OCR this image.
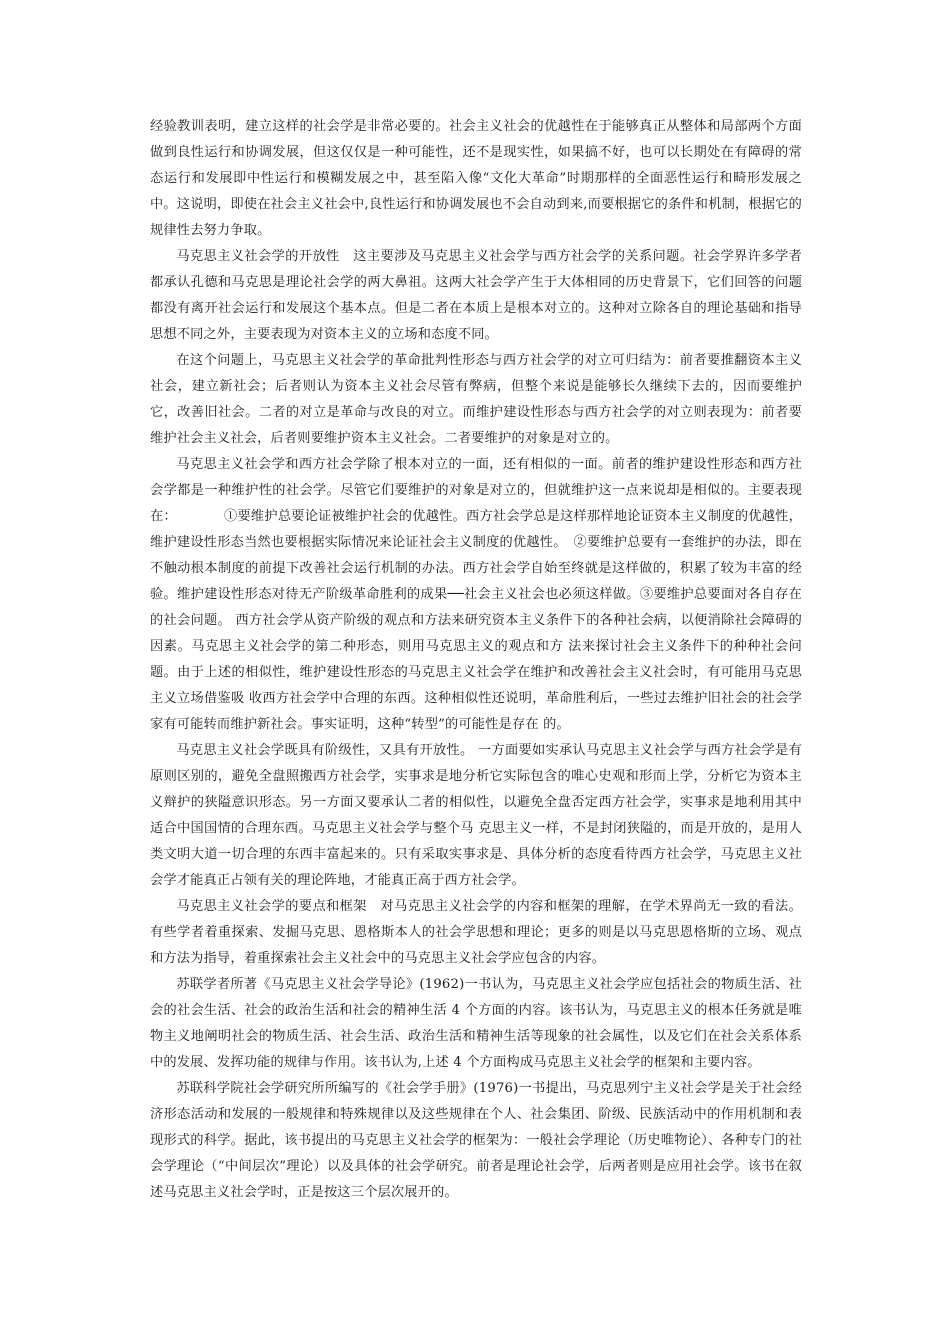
经验教训表明，建立这样的社会学是非常必要的。社会主义社会的优越性在于能够真正从整体和局部两个方面做到良性运行和协调发展，但这仅仅是一种可能性，还不是现实性，如果搞不好，也可以长期处在有障碍的常态运行和发展即中性运行和模糊发展之中，甚至陷入像“文化大革命”时期那样的全面恶性运行和畸形发展之中。这说明，即使在社会主义社会中,良性运行和协调发展也不会自动到来,而要根据它的条件和机制，根据它的规律性去努力争取。

马克思主义社会学的开放性　这主要涉及马克思主义社会学与西方社会学的关系问题。社会学界许多学者都承认孔德和马克思是理论社会学的两大鼻祖。这两大社会学产生于大体相同的历史背景下，它们回答的问题都没有离开社会运行和发展这个基本点。但是二者在本质上是根本对立的。这种对立除各自的理论基础和指导思想不同之外，主要表现为对资本主义的立场和态度不同。

在这个问题上，马克思主义社会学的革命批判性形态与西方社会学的对立可归结为：前者要推翻资本主义社会，建立新社会；后者则认为资本主义社会尽管有弊病，但整个来说是能够长久继续下去的，因而要维护它，改善旧社会。二者的对立是革命与改良的对立。而维护建设性形态与西方社会学的对立则表现为：前者要维护社会主义社会，后者则要维护资本主义社会。二者要维护的对象是对立的。

马克思主义社会学和西方社会学除了根本对立的一面，还有相似的一面。前者的维护建设性形态和西方社会学都是一种维护性的社会学。尽管它们要维护的对象是对立的，但就维护这一点来说却是相似的。主要表现在：　　　　①要维护总要论证被维护社会的优越性。西方社会学总是这样那样地论证资本主义制度的优越性，维护建设性形态当然也要根据实际情况来论证社会主义制度的优越性。　②要维护总要有一套维护的办法，即在不触动根本制度的前提下改善社会运行机制的办法。西方社会学自始至终就是这样做的，积累了较为丰富的经验。维护建设性形态对待无产阶级革命胜利的成果──社会主义社会也必须这样做。③要维护总要面对各自存在的社会问题。 西方社会学从资产阶级的观点和方法来研究资本主义条件下的各种社会病，以便消除社会障碍的因素。马克思主义社会学的第二种形态，则用马克思主义的观点和方 法来探讨社会主义条件下的种种社会问题。由于上述的相似性，维护建设性形态的马克思主义社会学在维护和改善社会主义社会时，有可能用马克思主义立场借鉴吸 收西方社会学中合理的东西。这种相似性还说明，革命胜利后，一些过去维护旧社会的社会学家有可能转而维护新社会。事实证明，这种“转型”的可能性是存在 的。

马克思主义社会学既具有阶级性，又具有开放性。 一方面要如实承认马克思主义社会学与西方社会学是有原则区别的，避免全盘照搬西方社会学，实事求是地分析它实际包含的唯心史观和形而上学，分析它为资本主 义辩护的狭隘意识形态。另一方面又要承认二者的相似性，以避免全盘否定西方社会学，实事求是地利用其中适合中国国情的合理东西。马克思主义社会学与整个马 克思主义一样，不是封闭狭隘的，而是开放的，是用人类文明大道一切合理的东西丰富起来的。只有采取实事求是、具体分析的态度看待西方社会学，马克思主义社 会学才能真正占领有关的理论阵地，才能真正高于西方社会学。

马克思主义社会学的要点和框架　对马克思主义社会学的内容和框架的理解，在学术界尚无一致的看法。有些学者着重探索、发掘马克思、恩格斯本人的社会学思想和理论；更多的则是以马克思恩格斯的立场、观点和方法为指导，着重探索社会主义社会中的马克思主义社会学应包含的内容。

苏联学者所著《马克思主义社会学导论》(1962)一书认为，马克思主义社会学应包括社会的物质生活、社会的社会生活、社会的政治生活和社会的精神生活 4 个方面的内容。该书认为，马克思主义的根本任务就是唯物主义地阐明社会的物质生活、社会生活、政治生活和精神生活等现象的社会属性，以及它们在社会关系体系中的发展、发挥功能的规律与作用。该书认为,上述 4 个方面构成马克思主义社会学的框架和主要内容。

苏联科学院社会学研究所所编写的《社会学手册》(1976)一书提出，马克思列宁主义社会学是关于社会经济形态活动和发展的一般规律和特殊规律以及这些规律在个人、社会集团、阶级、民族活动中的作用机制和表现形式的科学。据此，该书提出的马克思主义社会学的框架为：一般社会学理论（历史唯物论）、各种专门的社会学理论（“中间层次”理论）以及具体的社会学研究。前者是理论社会学，后两者则是应用社会学。该书在叙述马克思主义社会学时，正是按这三个层次展开的。
